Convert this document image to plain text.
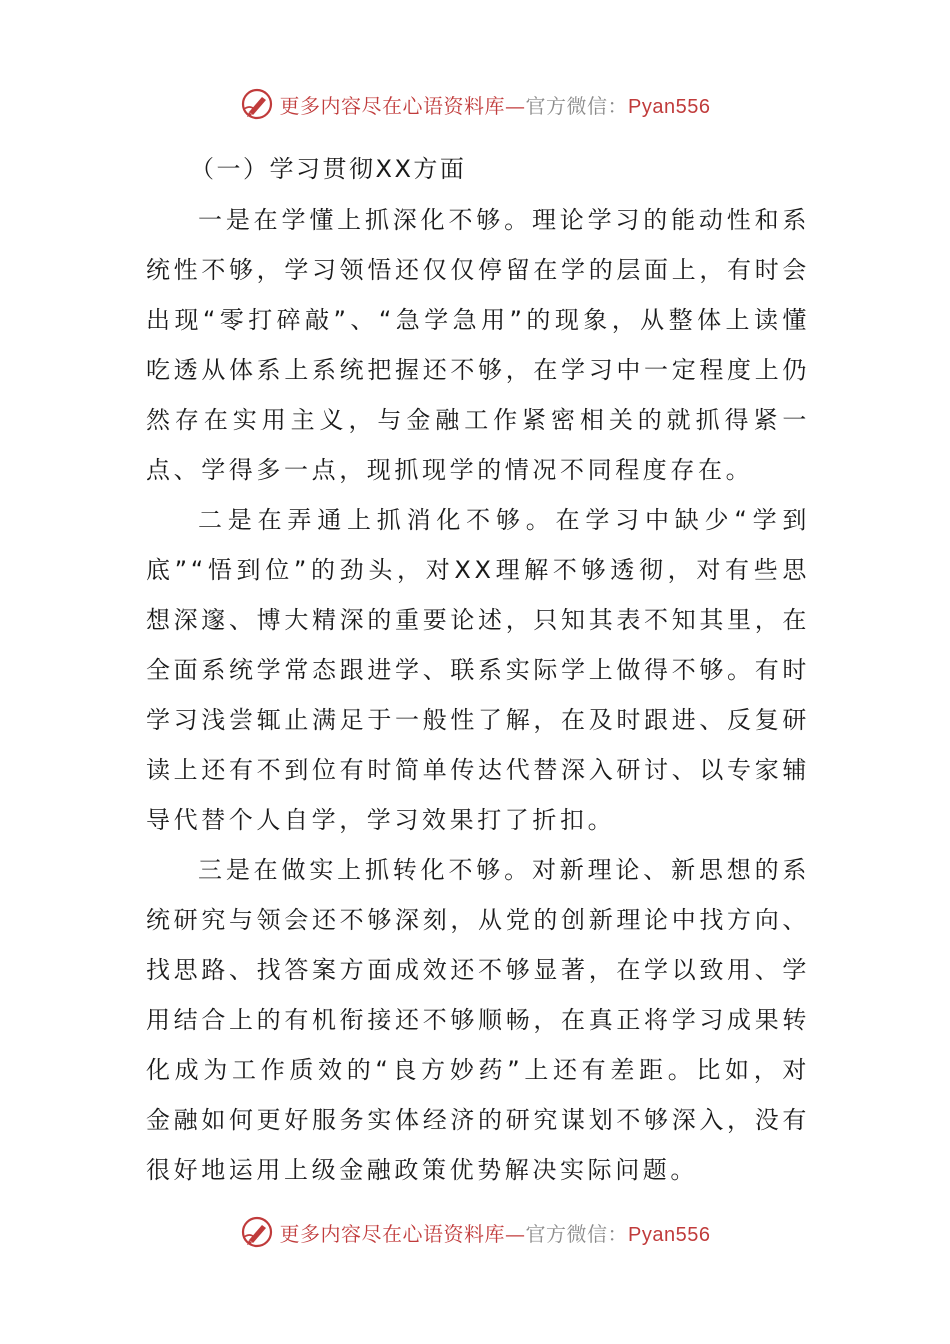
更多内容尽在心语资料库—官方微信：Pyan556
（一）学习贯彻XX方面

一是在学懂上抓深化不够。理论学习的能动性和系统性不够，学习领悟还仅仅停留在学的层面上，有时会出现“零打碎敲”、“急学急用”的现象，从整体上读懂吃透从体系上系统把握还不够，在学习中一定程度上仍然存在实用主义，与金融工作紧密相关的就抓得紧一点、学得多一点，现抓现学的情况不同程度存在。

二是在弄通上抓消化不够。在学习中缺少“学到底”“悟到位”的劲头，对XX理解不够透彻，对有些思想深邃、博大精深的重要论述，只知其表不知其里，在全面系统学常态跟进学、联系实际学上做得不够。有时学习浅尝辄止满足于一般性了解，在及时跟进、反复研读上还有不到位有时简单传达代替深入研讨、以专家辅导代替个人自学，学习效果打了折扣。

三是在做实上抓转化不够。对新理论、新思想的系统研究与领会还不够深刻，从党的创新理论中找方向、找思路、找答案方面成效还不够显著，在学以致用、学用结合上的有机衔接还不够顺畅，在真正将学习成果转化成为工作质效的“良方妙药”上还有差距。比如，对金融如何更好服务实体经济的研究谋划不够深入，没有很好地运用上级金融政策优势解决实际问题。

更多内容尽在心语资料库—官方微信：Pyan556
